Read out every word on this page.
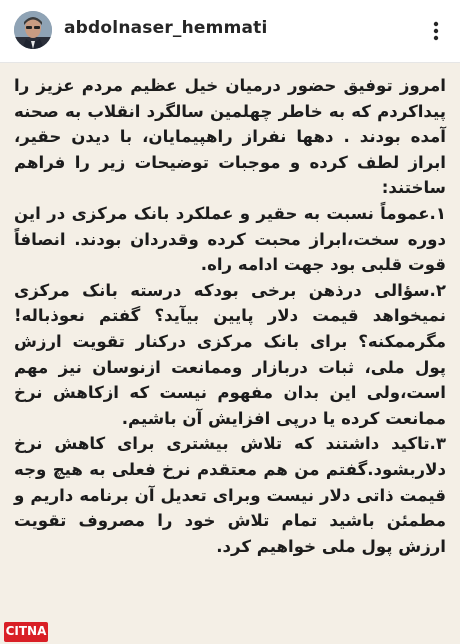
abdolnaser_hemmati

امروز توفیق حضور درمیان خیل عظیم مردم عزیز را پیداکردم که به خاطر چهلمین سالگرد انقلاب به صحنه آمده بودند . دهها نفراز راهپیمایان، با دیدن حقیر، ابراز لطف کرده و موجبات توضیحات زیر را فراهم ساختند:

۱.عموماً نسبت به حقیر و عملکرد بانک مرکزی در این دوره سخت،ابراز محبت کرده وقدردان بودند. انصافاً قوت قلبی بود جهت ادامه راه.

۲.سؤالی درذهن برخی بودکه درسته بانک مرکزی نمیخواهد قیمت دلار پایین بیآید؟ گفتم نعوذباله! مگرممکنه؟ برای بانک مرکزی درکنار تقویت ارزش پول ملی، ثبات دربازار وممانعت ازنوسان نیز مهم است،ولی این بدان مفهوم نیست که ازکاهش نرخ ممانعت کرده یا درپی افزایش آن باشیم.

۳.تاکید داشتند که تلاش بیشتری برای کاهش نرخ دلاربشود.گفتم من هم معتقدم نرخ فعلی به هیچ وجه قیمت ذاتی دلار نیست وبرای تعدیل آن برنامه داریم و مطمئن باشید تمام تلاش خود را مصروف تقویت ارزش پول ملی خواهیم کرد.

CITNA
